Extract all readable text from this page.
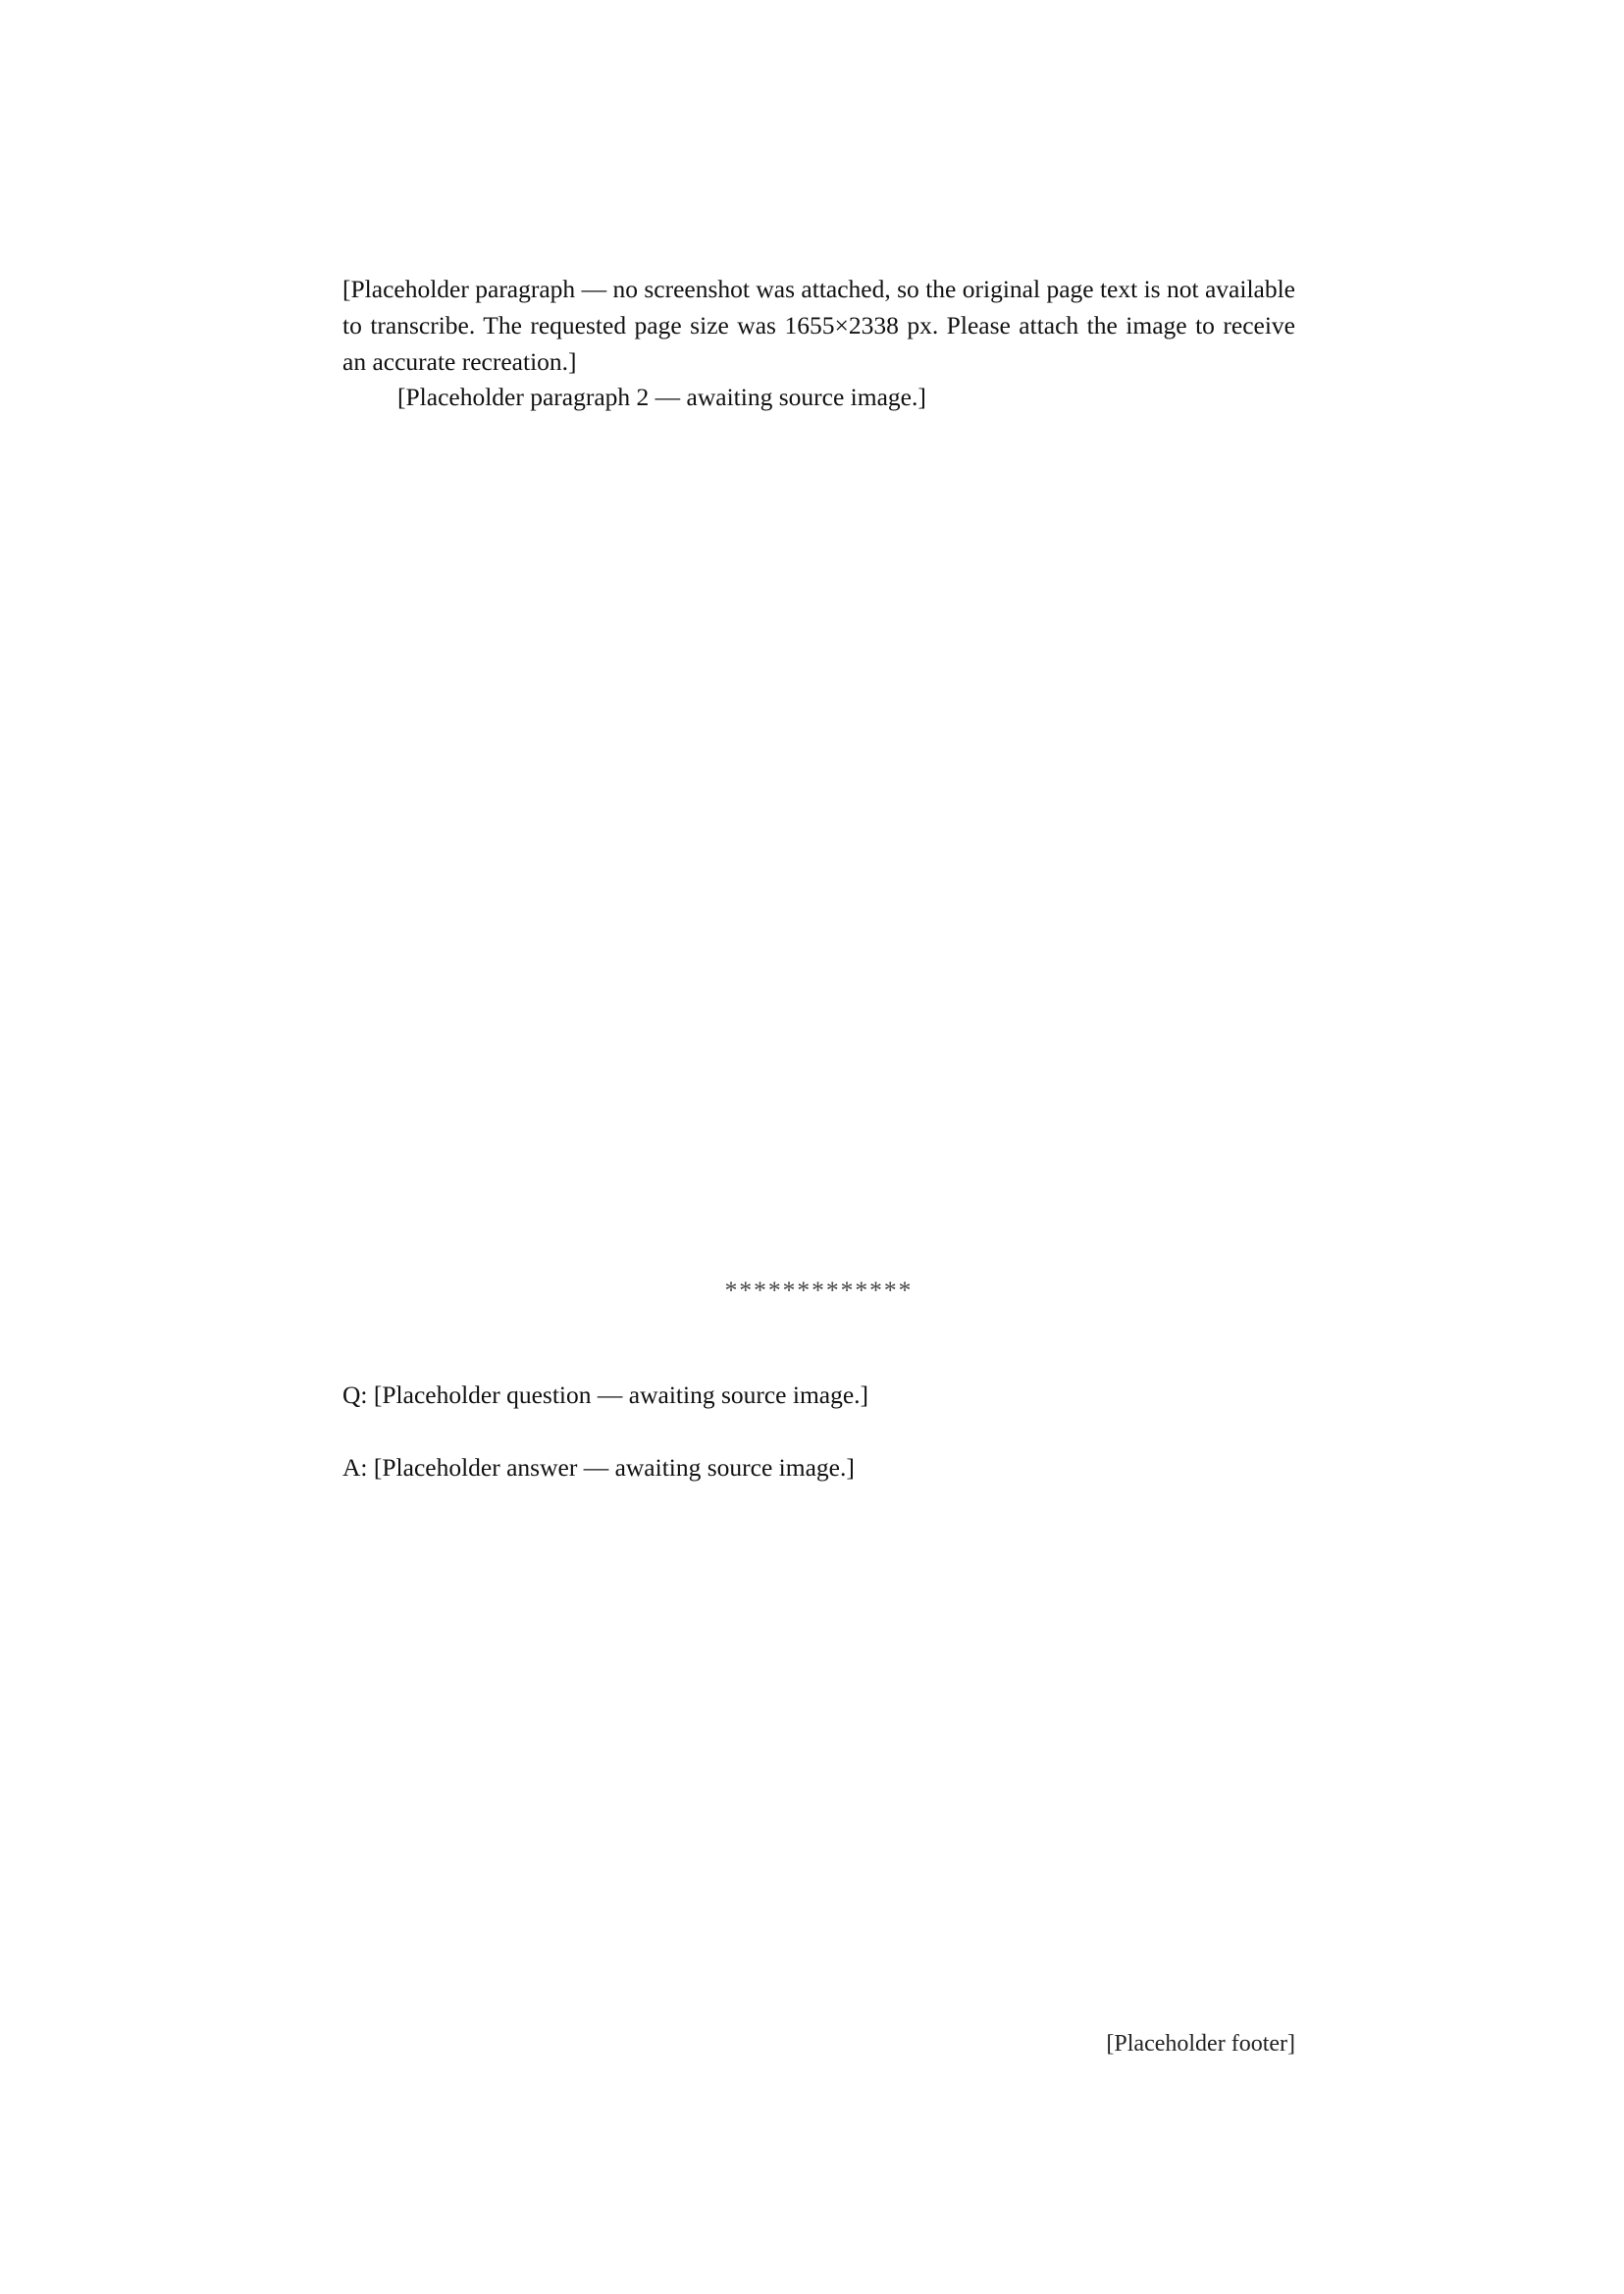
[Placeholder paragraph — no screenshot was attached, so the original page text is not available to transcribe. The requested page size was 1655×2338 px. Please attach the image to receive an accurate recreation.]

[Placeholder paragraph 2 — awaiting source image.]

*************

Q: [Placeholder question — awaiting source image.]

A: [Placeholder answer — awaiting source image.]

[Placeholder footer]
